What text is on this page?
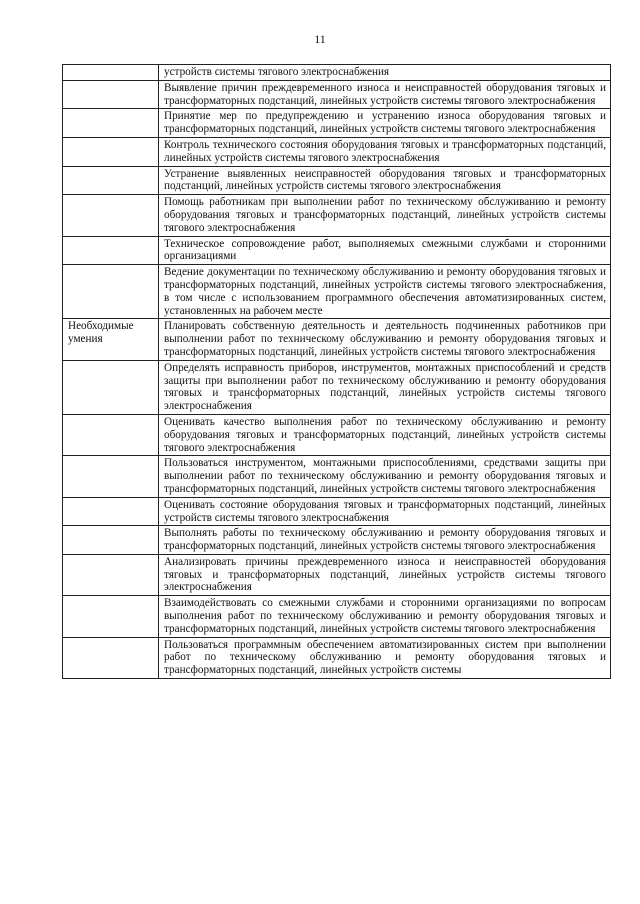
11
	устройств системы тягового электроснабжения
	Выявление причин преждевременного износа и неисправностей оборудования тяговых и трансформаторных подстанций, линейных устройств системы тягового электроснабжения
	Принятие мер по предупреждению и устранению износа оборудования тяговых и трансформаторных подстанций, линейных устройств системы тягового электроснабжения
	Контроль технического состояния оборудования тяговых и трансформаторных подстанций, линейных устройств системы тягового электроснабжения
	Устранение выявленных неисправностей оборудования тяговых и трансформаторных подстанций, линейных устройств системы тягового электроснабжения
	Помощь работникам при выполнении работ по техническому обслуживанию и ремонту оборудования тяговых и трансформаторных подстанций, линейных устройств системы тягового электроснабжения
	Техническое сопровождение работ, выполняемых смежными службами и сторонними организациями
	Ведение документации по техническому обслуживанию и ремонту оборудования тяговых и трансформаторных подстанций, линейных устройств системы тягового электроснабжения, в том числе с использованием программного обеспечения автоматизированных систем, установленных на рабочем месте
Необходимые умения	Планировать собственную деятельность и деятельность подчиненных работников при выполнении работ по техническому обслуживанию и ремонту оборудования тяговых и трансформаторных подстанций, линейных устройств системы тягового электроснабжения
	Определять исправность приборов, инструментов, монтажных приспособлений и средств защиты при выполнении работ по техническому обслуживанию и ремонту оборудования тяговых и трансформаторных подстанций, линейных устройств системы тягового электроснабжения
	Оценивать качество выполнения работ по техническому обслуживанию и ремонту оборудования тяговых и трансформаторных подстанций, линейных устройств системы тягового электроснабжения
	Пользоваться инструментом, монтажными приспособлениями, средствами защиты при выполнении работ по техническому обслуживанию и ремонту оборудования тяговых и трансформаторных подстанций, линейных устройств системы тягового электроснабжения
	Оценивать состояние оборудования тяговых и трансформаторных подстанций, линейных устройств системы тягового электроснабжения
	Выполнять работы по техническому обслуживанию и ремонту оборудования тяговых и трансформаторных подстанций, линейных устройств системы тягового электроснабжения
	Анализировать причины преждевременного износа и неисправностей оборудования тяговых и трансформаторных подстанций, линейных устройств системы тягового электроснабжения
	Взаимодействовать со смежными службами и сторонними организациями по вопросам выполнения работ по техническому обслуживанию и ремонту оборудования тяговых и трансформаторных подстанций, линейных устройств системы тягового электроснабжения
	Пользоваться программным обеспечением автоматизированных систем при выполнении работ по техническому обслуживанию и ремонту оборудования тяговых и трансформаторных подстанций, линейных устройств системы
